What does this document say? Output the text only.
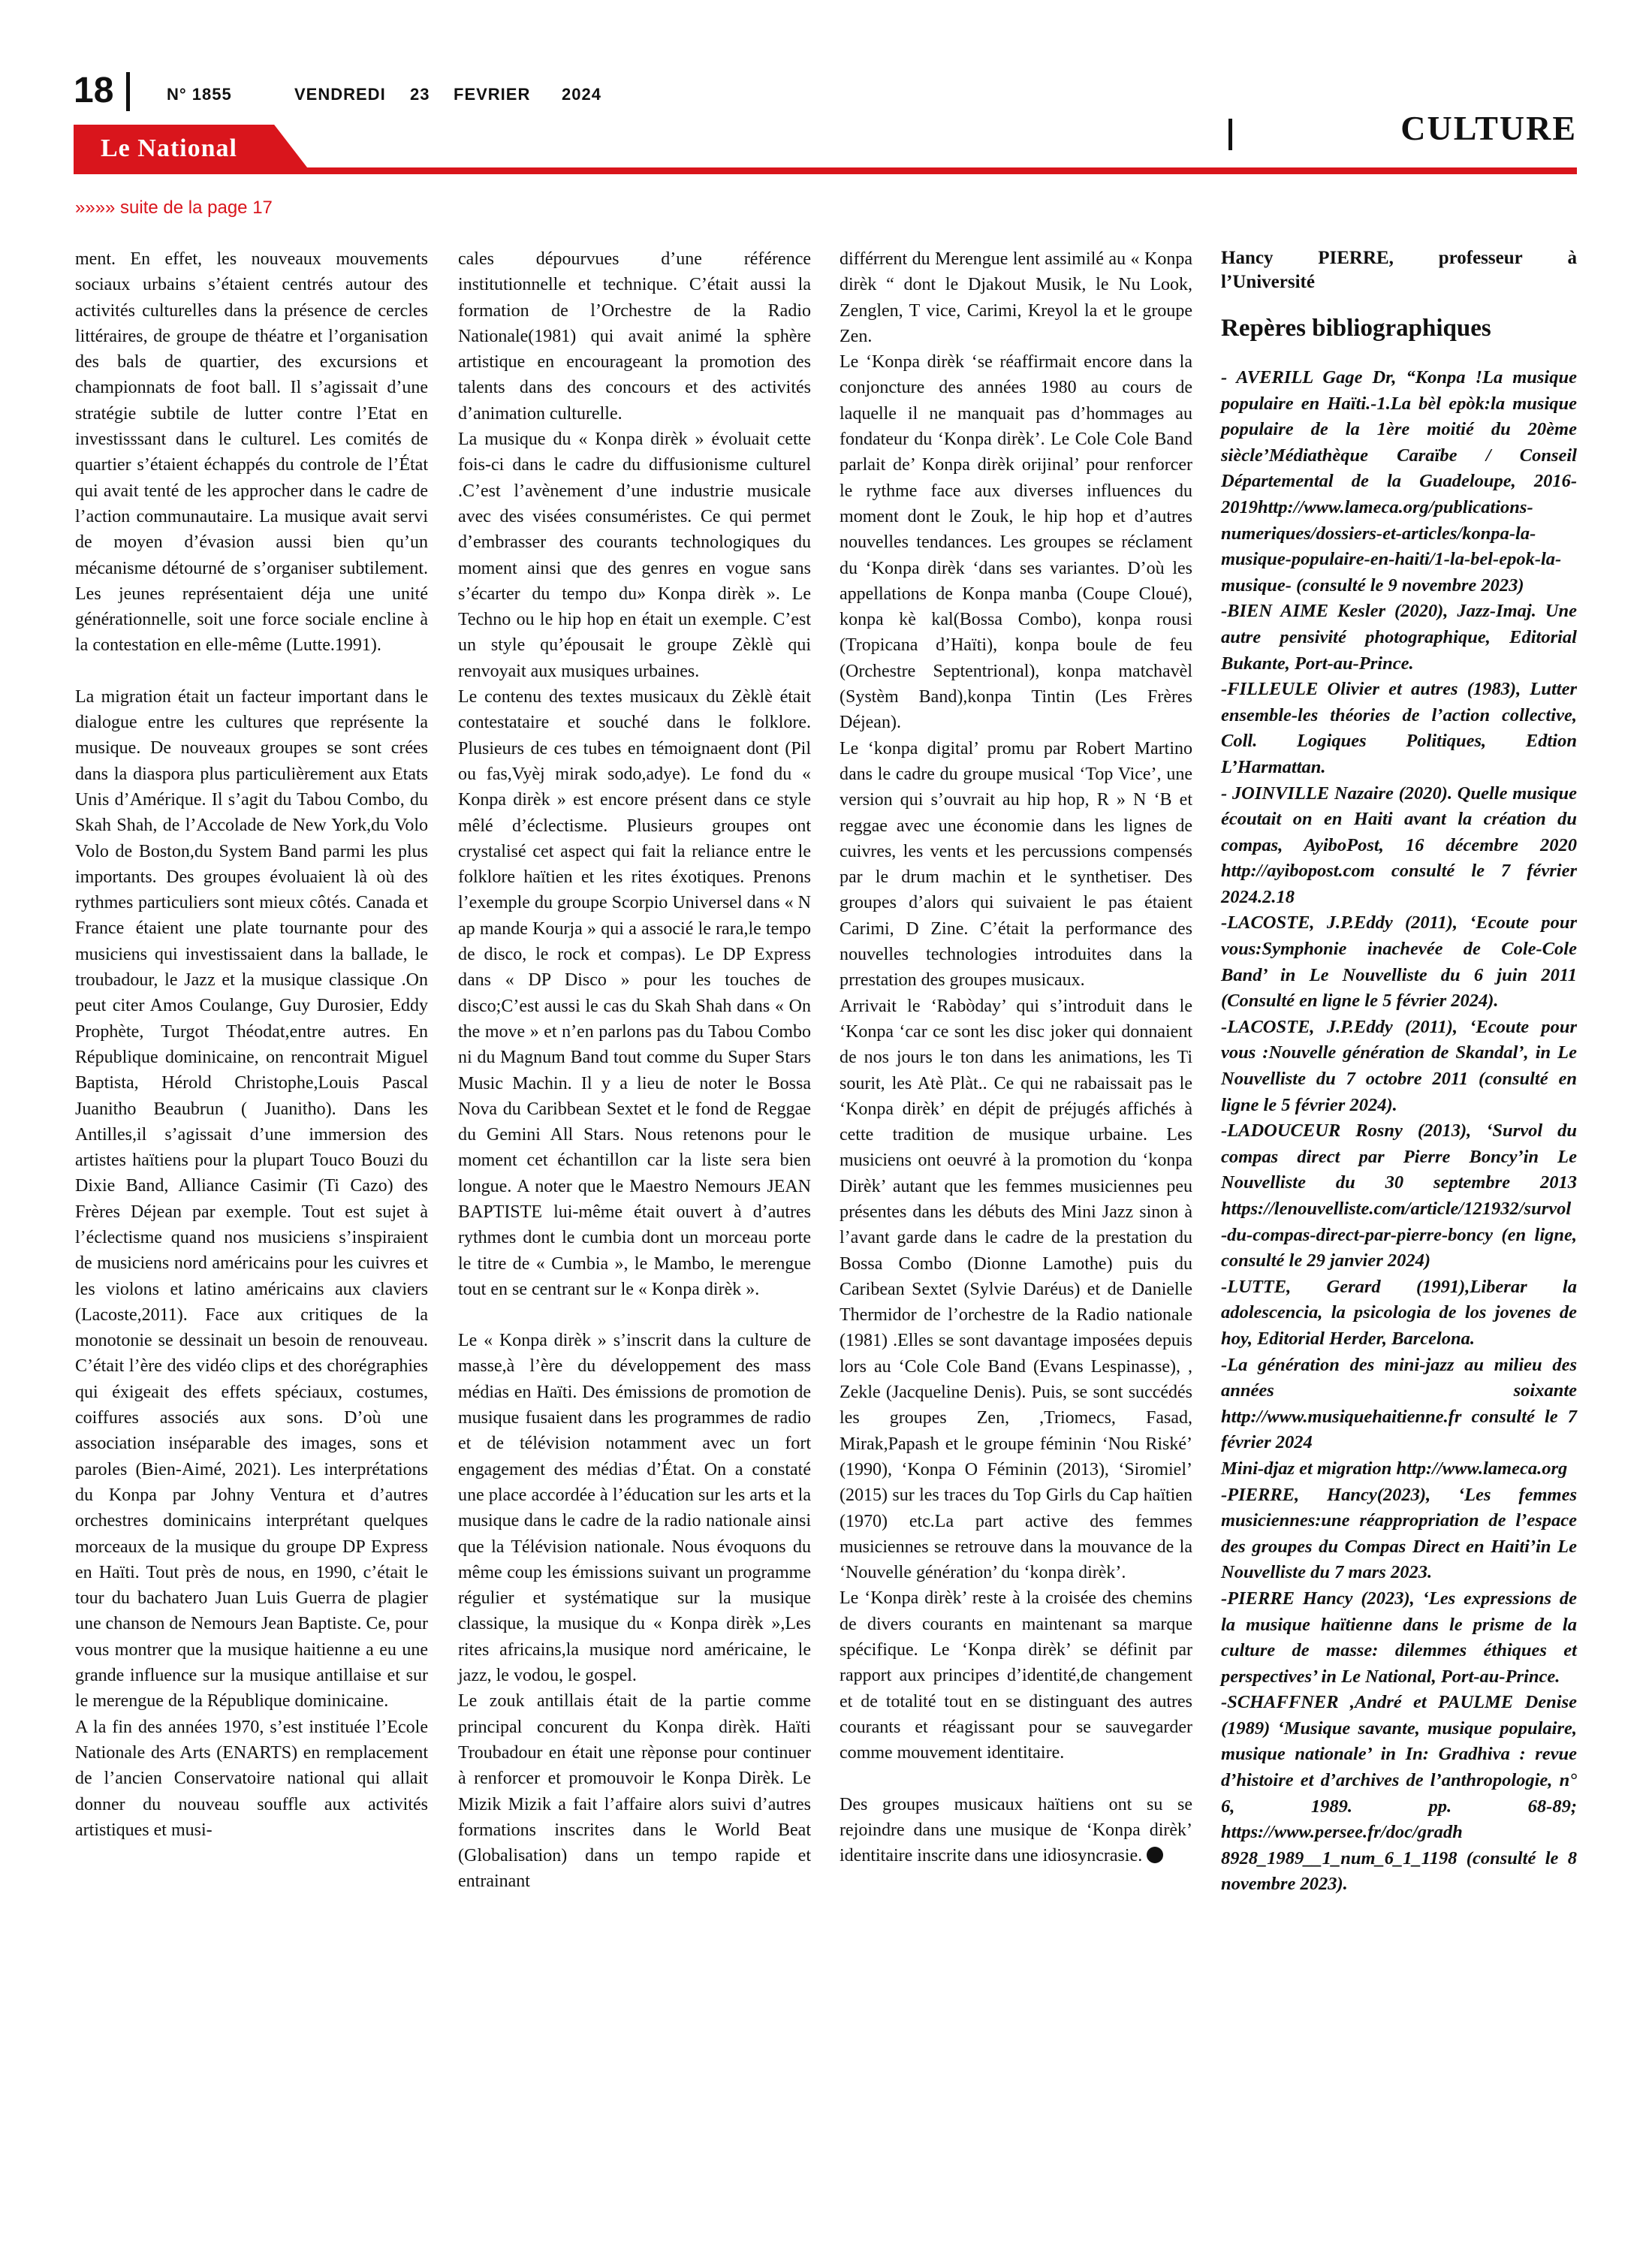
18	N° 1855	VENDREDI 23 FEVRIER 2024
CULTURE
Le National
»»»» suite de la page 17

ment. En effet, les nouveaux mouvements sociaux urbains s’étaient centrés autour des activités culturelles dans la présence de cercles littéraires, de groupe de théatre et l’organisation des bals de quartier, des excursions et championnats de foot ball. Il s’agissait d’une stratégie subtile de lutter contre l’Etat en investisssant dans le culturel. Les comités de quartier s’étaient échappés du controle de l’État qui avait tenté de les approcher dans le cadre de l’action communautaire. La musique avait servi de moyen d’évasion aussi bien qu’un mécanisme détourné de s’organiser subtilement. Les jeunes représentaient déja une unité générationnelle, soit une force sociale encline à la contestation en elle-même (Lutte.1991).

La migration était un facteur important dans le dialogue entre les cultures que représente la musique. De nouveaux groupes se sont crées dans la diaspora plus particulièrement aux Etats Unis d’Amérique. Il s’agit du Tabou Combo, du Skah Shah, de l’Accolade de New York,du Volo Volo de Boston,du System Band parmi les plus importants. Des groupes évoluaient là où des rythmes particuliers sont mieux côtés. Canada et France étaient une plate tournante pour des musiciens qui investissaient dans la ballade, le troubadour, le Jazz et la musique classique .On peut citer Amos Coulange, Guy Durosier, Eddy Prophète, Turgot Théodat,entre autres. En République dominicaine, on rencontrait Miguel Baptista, Hérold Christophe,Louis Pascal Juanitho Beaubrun ( Juanitho). Dans les Antilles,il s’agissait d’une immersion des artistes haïtiens pour la plupart Touco Bouzi du Dixie Band, Alliance Casimir (Ti Cazo) des Frères Déjean par exemple. Tout est sujet à l’éclectisme quand nos musiciens s’inspiraient de musiciens nord américains pour les cuivres et les violons et latino américains aux claviers (Lacoste,2011). Face aux critiques de la monotonie se dessinait un besoin de renouveau. C’était l’ère des vidéo clips et des chorégraphies qui éxigeait des effets spéciaux, costumes, coiffures associés aux sons. D’où une association inséparable des images, sons et paroles (Bien-Aimé, 2021). Les interprétations du Konpa par Johny Ventura et d’autres orchestres dominicains interprétant quelques morceaux de la musique du groupe DP Express en Haïti. Tout près de nous, en 1990, c’était le tour du bachatero Juan Luis Guerra de plagier une chanson de Nemours Jean Baptiste. Ce, pour vous montrer que la musique haitienne a eu une grande influence sur la musique antillaise et sur le merengue de la République dominicaine.

A la fin des années 1970, s’est instituée l’Ecole Nationale des Arts (ENARTS) en remplacement de l’ancien Conservatoire national qui allait donner du nouveau souffle aux activités artistiques et musi-

cales dépourvues d’une référence institutionnelle et technique. C’était aussi la formation de l’Orchestre de la Radio Nationale(1981) qui avait animé la sphère artistique en encourageant la promotion des talents dans des concours et des activités d’animation culturelle.

La musique du « Konpa dirèk » évoluait cette fois-ci dans le cadre du diffusionisme culturel .C’est l’avènement d’une industrie musicale avec des visées consuméristes. Ce qui permet d’embrasser des courants technologiques du moment ainsi que des genres en vogue sans s’écarter du tempo du» Konpa dirèk ». Le Techno ou le hip hop en était un exemple. C’est un style qu’épousait le groupe Zèklè qui renvoyait aux musiques urbaines.

Le contenu des textes musicaux du Zèklè était contestataire et souché dans le folklore. Plusieurs de ces tubes en témoignaent dont (Pil ou fas,Vyèj mirak sodo,adye). Le fond du « Konpa dirèk » est encore présent dans ce style mêlé d’éclectisme. Plusieurs groupes ont crystalisé cet aspect qui fait la reliance entre le folklore haïtien et les rites éxotiques. Prenons l’exemple du groupe Scorpio Universel dans « N ap mande Kourja » qui a associé le rara,le tempo de disco, le rock et compas). Le DP Express dans « DP Disco » pour les touches de disco;C’est aussi le cas du Skah Shah dans « On the move » et n’en parlons pas du Tabou Combo ni du Magnum Band tout comme du Super Stars Music Machin. Il y a lieu de noter le Bossa Nova du Caribbean Sextet et le fond de Reggae du Gemini All Stars. Nous retenons pour le moment cet échantillon car la liste sera bien longue. A noter que le Maestro Nemours JEAN BAPTISTE lui-même était ouvert à d’autres rythmes dont le cumbia dont un morceau porte le titre de « Cumbia », le Mambo, le merengue tout en se centrant sur le « Konpa dirèk ».

Le « Konpa dirèk » s’inscrit dans la culture de masse,à l’ère du développement des mass médias en Haïti. Des émissions de promotion de musique fusaient dans les programmes de radio et de télévision notamment avec un fort engagement des médias d’État. On a constaté une place accordée à l’éducation sur les arts et la musique dans le cadre de la radio nationale ainsi que la Télévision nationale. Nous évoquons du même coup les émissions suivant un programme régulier et systématique sur la musique classique, la musique du « Konpa dirèk »,Les rites africains,la musique nord américaine, le jazz, le vodou, le gospel.

Le zouk antillais était de la partie comme principal concurent du Konpa dirèk. Haïti Troubadour en était une rèponse pour continuer à renforcer et promouvoir le Konpa Dirèk. Le Mizik Mizik a fait l’affaire alors suivi d’autres formations inscrites dans le World Beat (Globalisation) dans un tempo rapide et entrainant

différrent du Merengue lent assimilé au « Konpa dirèk “ dont le Djakout Musik, le Nu Look, Zenglen, T vice, Carimi, Kreyol la et le groupe Zen.

Le ‘Konpa dirèk ‘se réaffirmait encore dans la conjoncture des années 1980 au cours de laquelle il ne manquait pas d’hommages au fondateur du ‘Konpa dirèk’. Le Cole Cole Band parlait de’ Konpa dirèk orijinal’ pour renforcer le rythme face aux diverses influences du moment dont le Zouk, le hip hop et d’autres nouvelles tendances. Les groupes se réclament du ‘Konpa dirèk ‘dans ses variantes. D’où les appellations de Konpa manba (Coupe Cloué), konpa kè kal(Bossa Combo), konpa rousi (Tropicana d’Haïti), konpa boule de feu (Orchestre Septentrional), konpa matchavèl (Systèm Band),konpa Tintin (Les Frères Déjean).

Le ‘konpa digital’ promu par Robert Martino dans le cadre du groupe musical ‘Top Vice’, une version qui s’ouvrait au hip hop, R » N ‘B et reggae avec une économie dans les lignes de cuivres, les vents et les percussions compensés par le drum machin et le synthetiser. Des groupes d’alors qui suivaient le pas étaient Carimi, D Zine. C’était la performance des nouvelles technologies introduites dans la prrestation des groupes musicaux.

Arrivait le ‘Rabòday’ qui s’introduit dans le ‘Konpa ‘car ce sont les disc joker qui donnaient de nos jours le ton dans les animations, les Ti sourit, les Atè Plàt.. Ce qui ne rabaissait pas le ‘Konpa dirèk’ en dépit de préjugés affichés à cette tradition de musique urbaine. Les musiciens ont oeuvré à la promotion du ‘konpa Dirèk’ autant que les femmes musiciennes peu présentes dans les débuts des Mini Jazz sinon à l’avant garde dans le cadre de la prestation du Bossa Combo (Dionne Lamothe) puis du Caribean Sextet (Sylvie Daréus) et de Danielle Thermidor de l’orchestre de la Radio nationale (1981) .Elles se sont davantage imposées depuis lors au ‘Cole Cole Band (Evans Lespinasse), , Zekle (Jacqueline Denis). Puis, se sont succédés les groupes Zen, ,Triomecs, Fasad, Mirak,Papash et le groupe féminin ‘Nou Riské’ (1990), ‘Konpa O Féminin (2013), ‘Siromiel’ (2015) sur les traces du Top Girls du Cap haïtien (1970) etc.La part active des femmes musiciennes se retrouve dans la mouvance de la ‘Nouvelle génération’ du ‘konpa dirèk’.

Le ‘Konpa dirèk’ reste à la croisée des chemins de divers courants en maintenant sa marque spécifique. Le ‘Konpa dirèk’ se définit par rapport aux principes d’identité,de changement et de totalité tout en se distinguant des autres courants et réagissant pour se sauvegarder comme mouvement identitaire.

Des groupes musicaux haïtiens ont su se rejoindre dans une musique de ‘Konpa dirèk’ identitaire inscrite dans une idiosyncrasie.

Hancy PIERRE, professeur à
l’Université
Repères bibliographiques

- AVERILL Gage Dr, “Konpa !La musique populaire en Haïti.-1.La bèl epòk:la musique populaire de la 1ère moitié du 20ème siècle’Médiathèque Caraïbe / Conseil Départemental de la Guadeloupe, 2016-2019http://www.lameca.org/publications-numeriques/dossiers-et-articles/konpa-la-musique-populaire-en-haiti/1-la-bel-epok-la-musique- (consulté le 9 novembre 2023)

-BIEN AIME Kesler (2020), Jazz-Imaj. Une autre pensivité photographique, Editorial Bukante, Port-au-Prince.

-FILLEULE Olivier et autres (1983), Lutter ensemble-les théories de l’action collective, Coll. Logiques Politiques, Edtion L’Harmattan.

- JOINVILLE Nazaire (2020). Quelle musique écoutait on en Haiti avant la création du compas, AyiboPost, 16 décembre 2020 http://ayibopost.com consulté le 7 février 2024.2.18

-LACOSTE, J.P.Eddy (2011), ‘Ecoute pour vous:Symphonie inachevée de Cole-Cole Band’ in Le Nouvelliste du 6 juin 2011 (Consulté en ligne le 5 février 2024).

-LACOSTE, J.P.Eddy (2011), ‘Ecoute pour vous :Nouvelle génération de Skandal’, in Le Nouvelliste du 7 octobre 2011 (consulté en ligne le 5 février 2024).

-LADOUCEUR Rosny (2013), ‘Survol du compas direct par Pierre Boncy’in Le Nouvelliste du 30 septembre 2013 https://lenouvelliste.com/article/121932/survol-du-compas-direct-par-pierre-boncy (en ligne, consulté le 29 janvier 2024)

-LUTTE, Gerard (1991),Liberar la adolescencia, la psicologia de los jovenes de hoy, Editorial Herder, Barcelona.

-La génération des mini-jazz au milieu des années soixante http://www.musiquehaitienne.fr consulté le 7 février 2024

Mini-djaz et migration http://www.lameca.org

-PIERRE, Hancy(2023), ‘Les femmes musiciennes:une réappropriation de l’espace des groupes du Compas Direct en Haiti’in Le Nouvelliste du 7 mars 2023.

-PIERRE Hancy (2023), ‘Les expressions de la musique haïtienne dans le prisme de la culture de masse: dilemmes éthiques et perspectives’ in Le National, Port-au-Prince.

-SCHAFFNER ,André et PAULME Denise (1989) ‘Musique savante, musique populaire, musique nationale’ in In: Gradhiva : revue d’histoire et d’archives de l’anthropologie, n° 6, 1989. pp. 68-89; https://www.persee.fr/doc/gradh 8928_1989__1_num_6_1_1198 (consulté le 8 novembre 2023).
